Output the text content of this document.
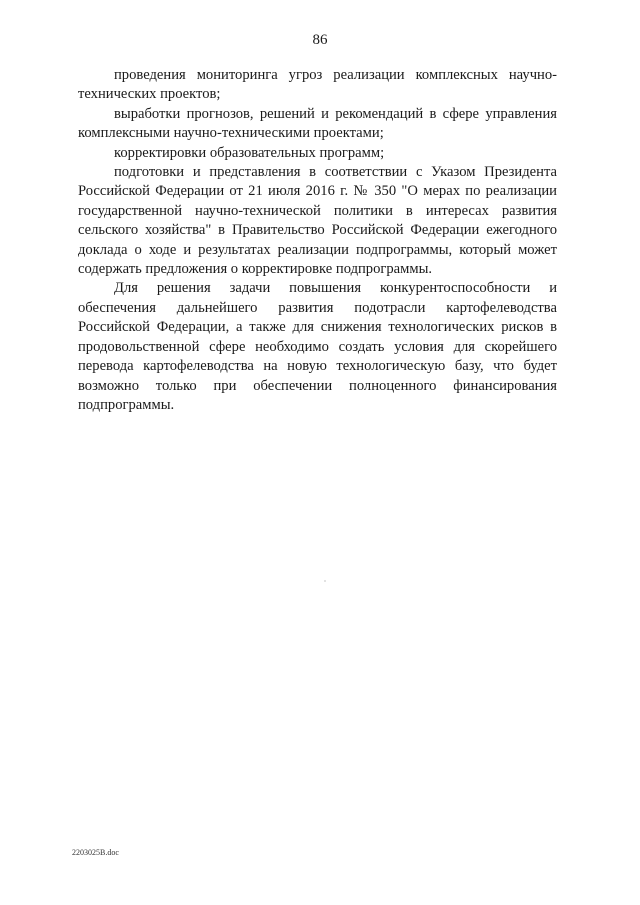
86

проведения мониторинга угроз реализации комплексных научно-технических проектов;

выработки прогнозов, решений и рекомендаций в сфере управления комплексными научно-техническими проектами;

корректировки образовательных программ;

подготовки и представления в соответствии с Указом Президента Российской Федерации от 21 июля 2016 г. № 350 "О мерах по реализации государственной научно-технической политики в интересах развития сельского хозяйства" в Правительство Российской Федерации ежегодного доклада о ходе и результатах реализации подпрограммы, который может содержать предложения о корректировке подпрограммы.

Для решения задачи повышения конкурентоспособности и обеспечения дальнейшего развития подотрасли картофелеводства Российской Федерации, а также для снижения технологических рисков в продовольственной сфере необходимо создать условия для скорейшего перевода картофелеводства на новую технологическую базу, что будет возможно только при обеспечении полноценного финансирования подпрограммы.

2203025B.doc
